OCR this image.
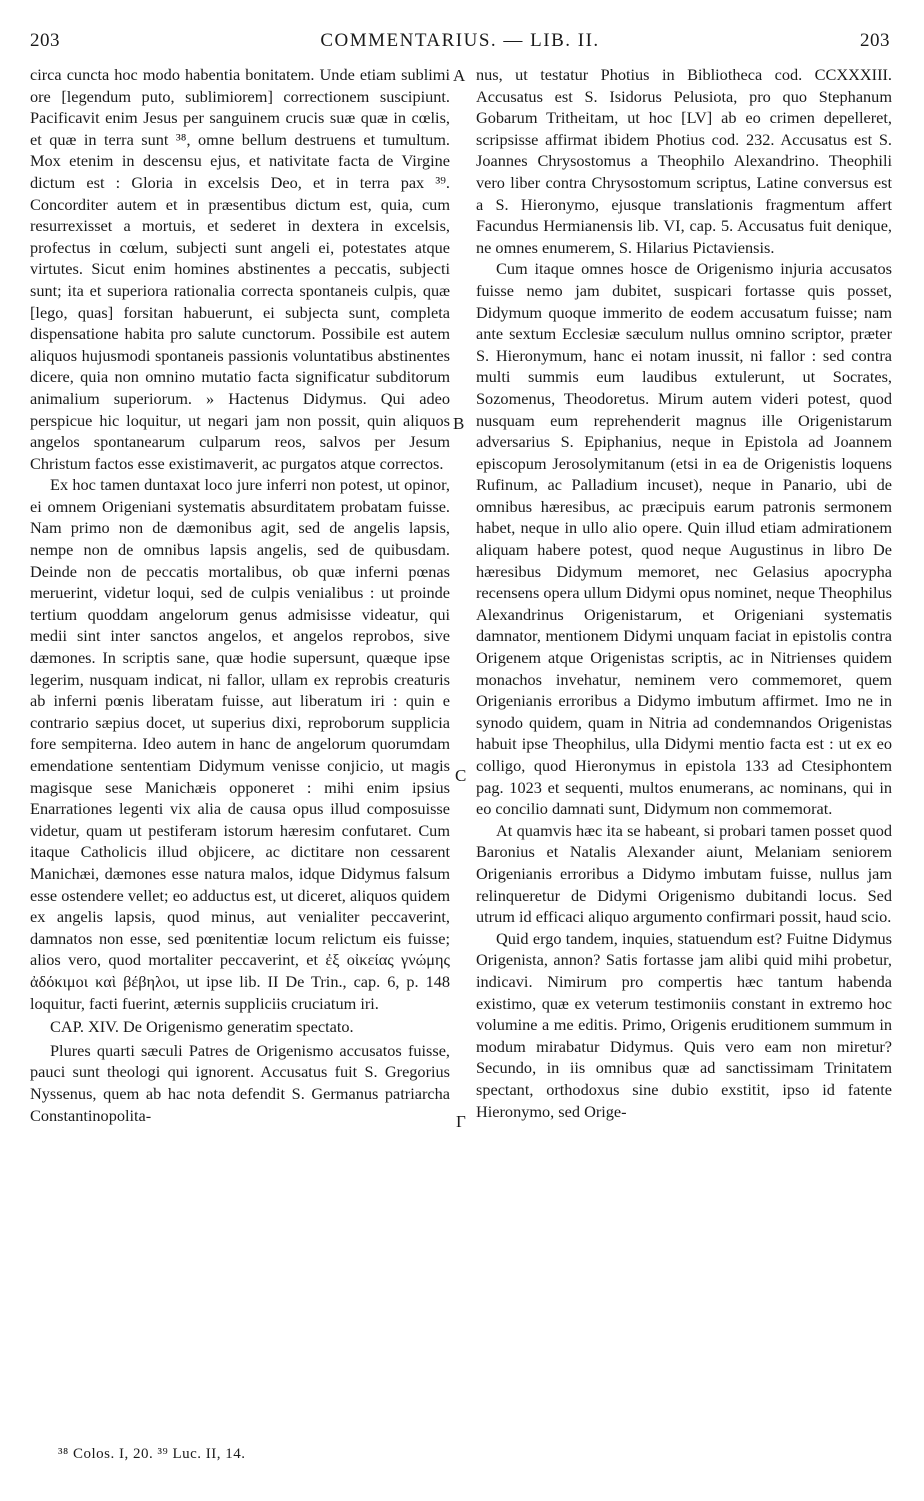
203	COMMENTARIUS. — LIB. II.	203

circa cuncta hoc modo habentia bonitatem. Unde etiam sublimi ore [legendum puto, sublimiorem] correctionem suscipiunt. Pacificavit enim Jesus per sanguinem crucis suæ quæ in cœlis, et quæ in terra sunt ³⁸, omne bellum destruens et tumultum. Mox etenim in descensu ejus, et nativitate facta de Virgine dictum est : Gloria in excelsis Deo, et in terra pax ³⁹. Concorditer autem et in præsentibus dictum est, quia, cum resurrexisset a mortuis, et sederet in dextera in excelsis, profectus in cœlum, subjecti sunt angeli ei, potestates atque virtutes. Sicut enim homines abstinentes a peccatis, subjecti sunt; ita et superiora rationalia correcta spontaneis culpis, quæ [lego, quas] forsitan habuerunt, ei subjecta sunt, completa dispensatione habita pro salute cunctorum. Possibile est autem aliquos hujusmodi spontaneis passionis voluntatibus abstinentes dicere, quia non omnino mutatio facta significatur subditorum animalium superiorum. » Hactenus Didymus. Qui adeo perspicue hic loquitur, ut negari jam non possit, quin aliquos angelos spontanearum culparum reos, salvos per Jesum Christum factos esse existimaverit, ac purgatos atque correctos.

Ex hoc tamen duntaxat loco jure inferri non potest, ut opinor, ei omnem Origeniani systematis absurditatem probatam fuisse. Nam primo non de dæmonibus agit, sed de angelis lapsis, nempe non de omnibus lapsis angelis, sed de quibusdam. Deinde non de peccatis mortalibus, ob quæ inferni pœnas meruerint, videtur loqui, sed de culpis venialibus : ut proinde tertium quoddam angelorum genus admisisse videatur, qui medii sint inter sanctos angelos, et angelos reprobos, sive dæmones. In scriptis sane, quæ hodie supersunt, quæque ipse legerim, nusquam indicat, ni fallor, ullam ex reprobis creaturis ab inferni pœnis liberatam fuisse, aut liberatum iri : quin e contrario sæpius docet, ut superius dixi, reproborum supplicia fore sempiterna. Ideo autem in hanc de angelorum quorumdam emendatione sententiam Didymum venisse conjicio, ut magis magisque sese Manichæis opponeret : mihi enim ipsius Enarrationes legenti vix alia de causa opus illud composuisse videtur, quam ut pestiferam istorum hæresim confutaret. Cum itaque Catholicis illud objicere, ac dictitare non cessarent Manichæi, dæmones esse natura malos, idque Didymus falsum esse ostendere vellet; eo adductus est, ut diceret, aliquos quidem ex angelis lapsis, quod minus, aut venialiter peccaverint, damnatos non esse, sed pœnitentiæ locum relictum eis fuisse; alios vero, quod mortaliter peccaverint, et ἐξ οἰκείας γνώμης ἀδόκιμοι καὶ βέβηλοι, ut ipse lib. II De Trin., cap. 6, p. 148 loquitur, facti fuerint, æternis suppliciis cruciatum iri.

CAP. XIV. De Origenismo generatim spectato.

Plures quarti sæculi Patres de Origenismo accusatos fuisse, pauci sunt theologi qui ignorent. Accusatus fuit S. Gregorius Nyssenus, quem ab hac nota defendit S. Germanus patriarcha Constantinopolita-

nus, ut testatur Photius in Bibliotheca cod. CCXXXIII. Accusatus est S. Isidorus Pelusiota, pro quo Stephanum Gobarum Tritheitam, ut hoc [LV] ab eo crimen depelleret, scripsisse affirmat ibidem Photius cod. 232. Accusatus est S. Joannes Chrysostomus a Theophilo Alexandrino. Theophili vero liber contra Chrysostomum scriptus, Latine conversus est a S. Hieronymo, ejusque translationis fragmentum affert Facundus Hermianensis lib. VI, cap. 5. Accusatus fuit denique, ne omnes enumerem, S. Hilarius Pictaviensis.

Cum itaque omnes hosce de Origenismo injuria accusatos fuisse nemo jam dubitet, suspicari fortasse quis posset, Didymum quoque immerito de eodem accusatum fuisse; nam ante sextum Ecclesiæ sæculum nullus omnino scriptor, præter S. Hieronymum, hanc ei notam inussit, ni fallor : sed contra multi summis eum laudibus extulerunt, ut Socrates, Sozomenus, Theodoretus. Mirum autem videri potest, quod nusquam eum reprehenderit magnus ille Origenistarum adversarius S. Epiphanius, neque in Epistola ad Joannem episcopum Jerosolymitanum (etsi in ea de Origenistis loquens Rufinum, ac Palladium incuset), neque in Panario, ubi de omnibus hæresibus, ac præcipuis earum patronis sermonem habet, neque in ullo alio opere. Quin illud etiam admirationem aliquam habere potest, quod neque Augustinus in libro De hæresibus Didymum memoret, nec Gelasius apocrypha recensens opera ullum Didymi opus nominet, neque Theophilus Alexandrinus Origenistarum, et Origeniani systematis damnator, mentionem Didymi unquam faciat in epistolis contra Origenem atque Origenistas scriptis, ac in Nitrienses quidem monachos invehatur, neminem vero commemoret, quem Origenianis erroribus a Didymo imbutum affirmet. Imo ne in synodo quidem, quam in Nitria ad condemnandos Origenistas habuit ipse Theophilus, ulla Didymi mentio facta est : ut ex eo colligo, quod Hieronymus in epistola 133 ad Ctesiphontem pag. 1023 et sequenti, multos enumerans, ac nominans, qui in eo concilio damnati sunt, Didymum non commemorat.

At quamvis hæc ita se habeant, si probari tamen posset quod Baronius et Natalis Alexander aiunt, Melaniam seniorem Origenianis erroribus a Didymo imbutam fuisse, nullus jam relinqueretur de Didymi Origenismo dubitandi locus. Sed utrum id efficaci aliquo argumento confirmari possit, haud scio.

Quid ergo tandem, inquies, statuendum est? Fuitne Didymus Origenista, annon? Satis fortasse jam alibi quid mihi probetur, indicavi. Nimirum pro compertis hæc tantum habenda existimo, quæ ex veterum testimoniis constant in extremo hoc volumine a me editis. Primo, Origenis eruditionem summum in modum mirabatur Didymus. Quis vero eam non miretur? Secundo, in iis omnibus quæ ad sanctissimam Trinitatem spectant, orthodoxus sine dubio exstitit, ipso id fatente Hieronymo, sed Orige-

A
B
C
Γ
³⁸ Colos. I, 20. ³⁹ Luc. II, 14.
